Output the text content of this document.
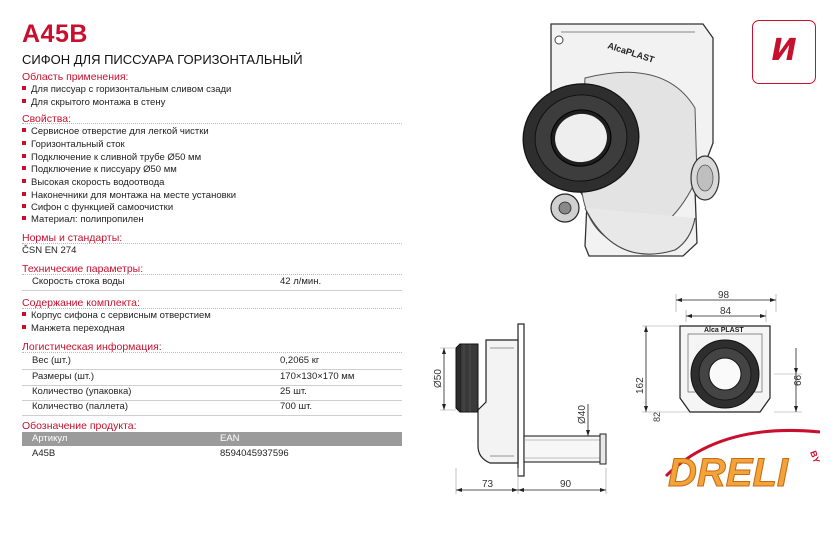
A45B
СИФОН ДЛЯ ПИССУАРА ГОРИЗОНТАЛЬНЫЙ
Область применения:
Для писсуар с горизонтальным сливом сзади
Для скрытого монтажа в стену
Свойства:
Сервисное отверстие для легкой чистки
Горизонтальный сток
Подключение к сливной трубе Ø50 мм
Подключение к писсуару Ø50 мм
Высокая скорость водоотвода
Наконечники для монтажа на месте установки
Сифон с функцией самоочистки
Материал: полипропилен
Нормы и стандарты:
ČSN EN 274
Технические параметры:
Скорость стока воды	42 л/мин.
Содержание комплекта:
Корпус сифона с сервисным отверстием
Манжета переходная
Логистическая информация:
Вес (шт.)	0,2065 кг
Размеры (шт.)	170×130×170 мм
Количество (упаковка)	25 шт.
Количество (паллета)	700 шт.
Обозначение продукта:
Артикул	EAN
A45B	8594045937596
И
AlcaPLAST
Ø50
Ø40
73	90
98
84
162
Alca PLAST
66
82
DRELI BY
